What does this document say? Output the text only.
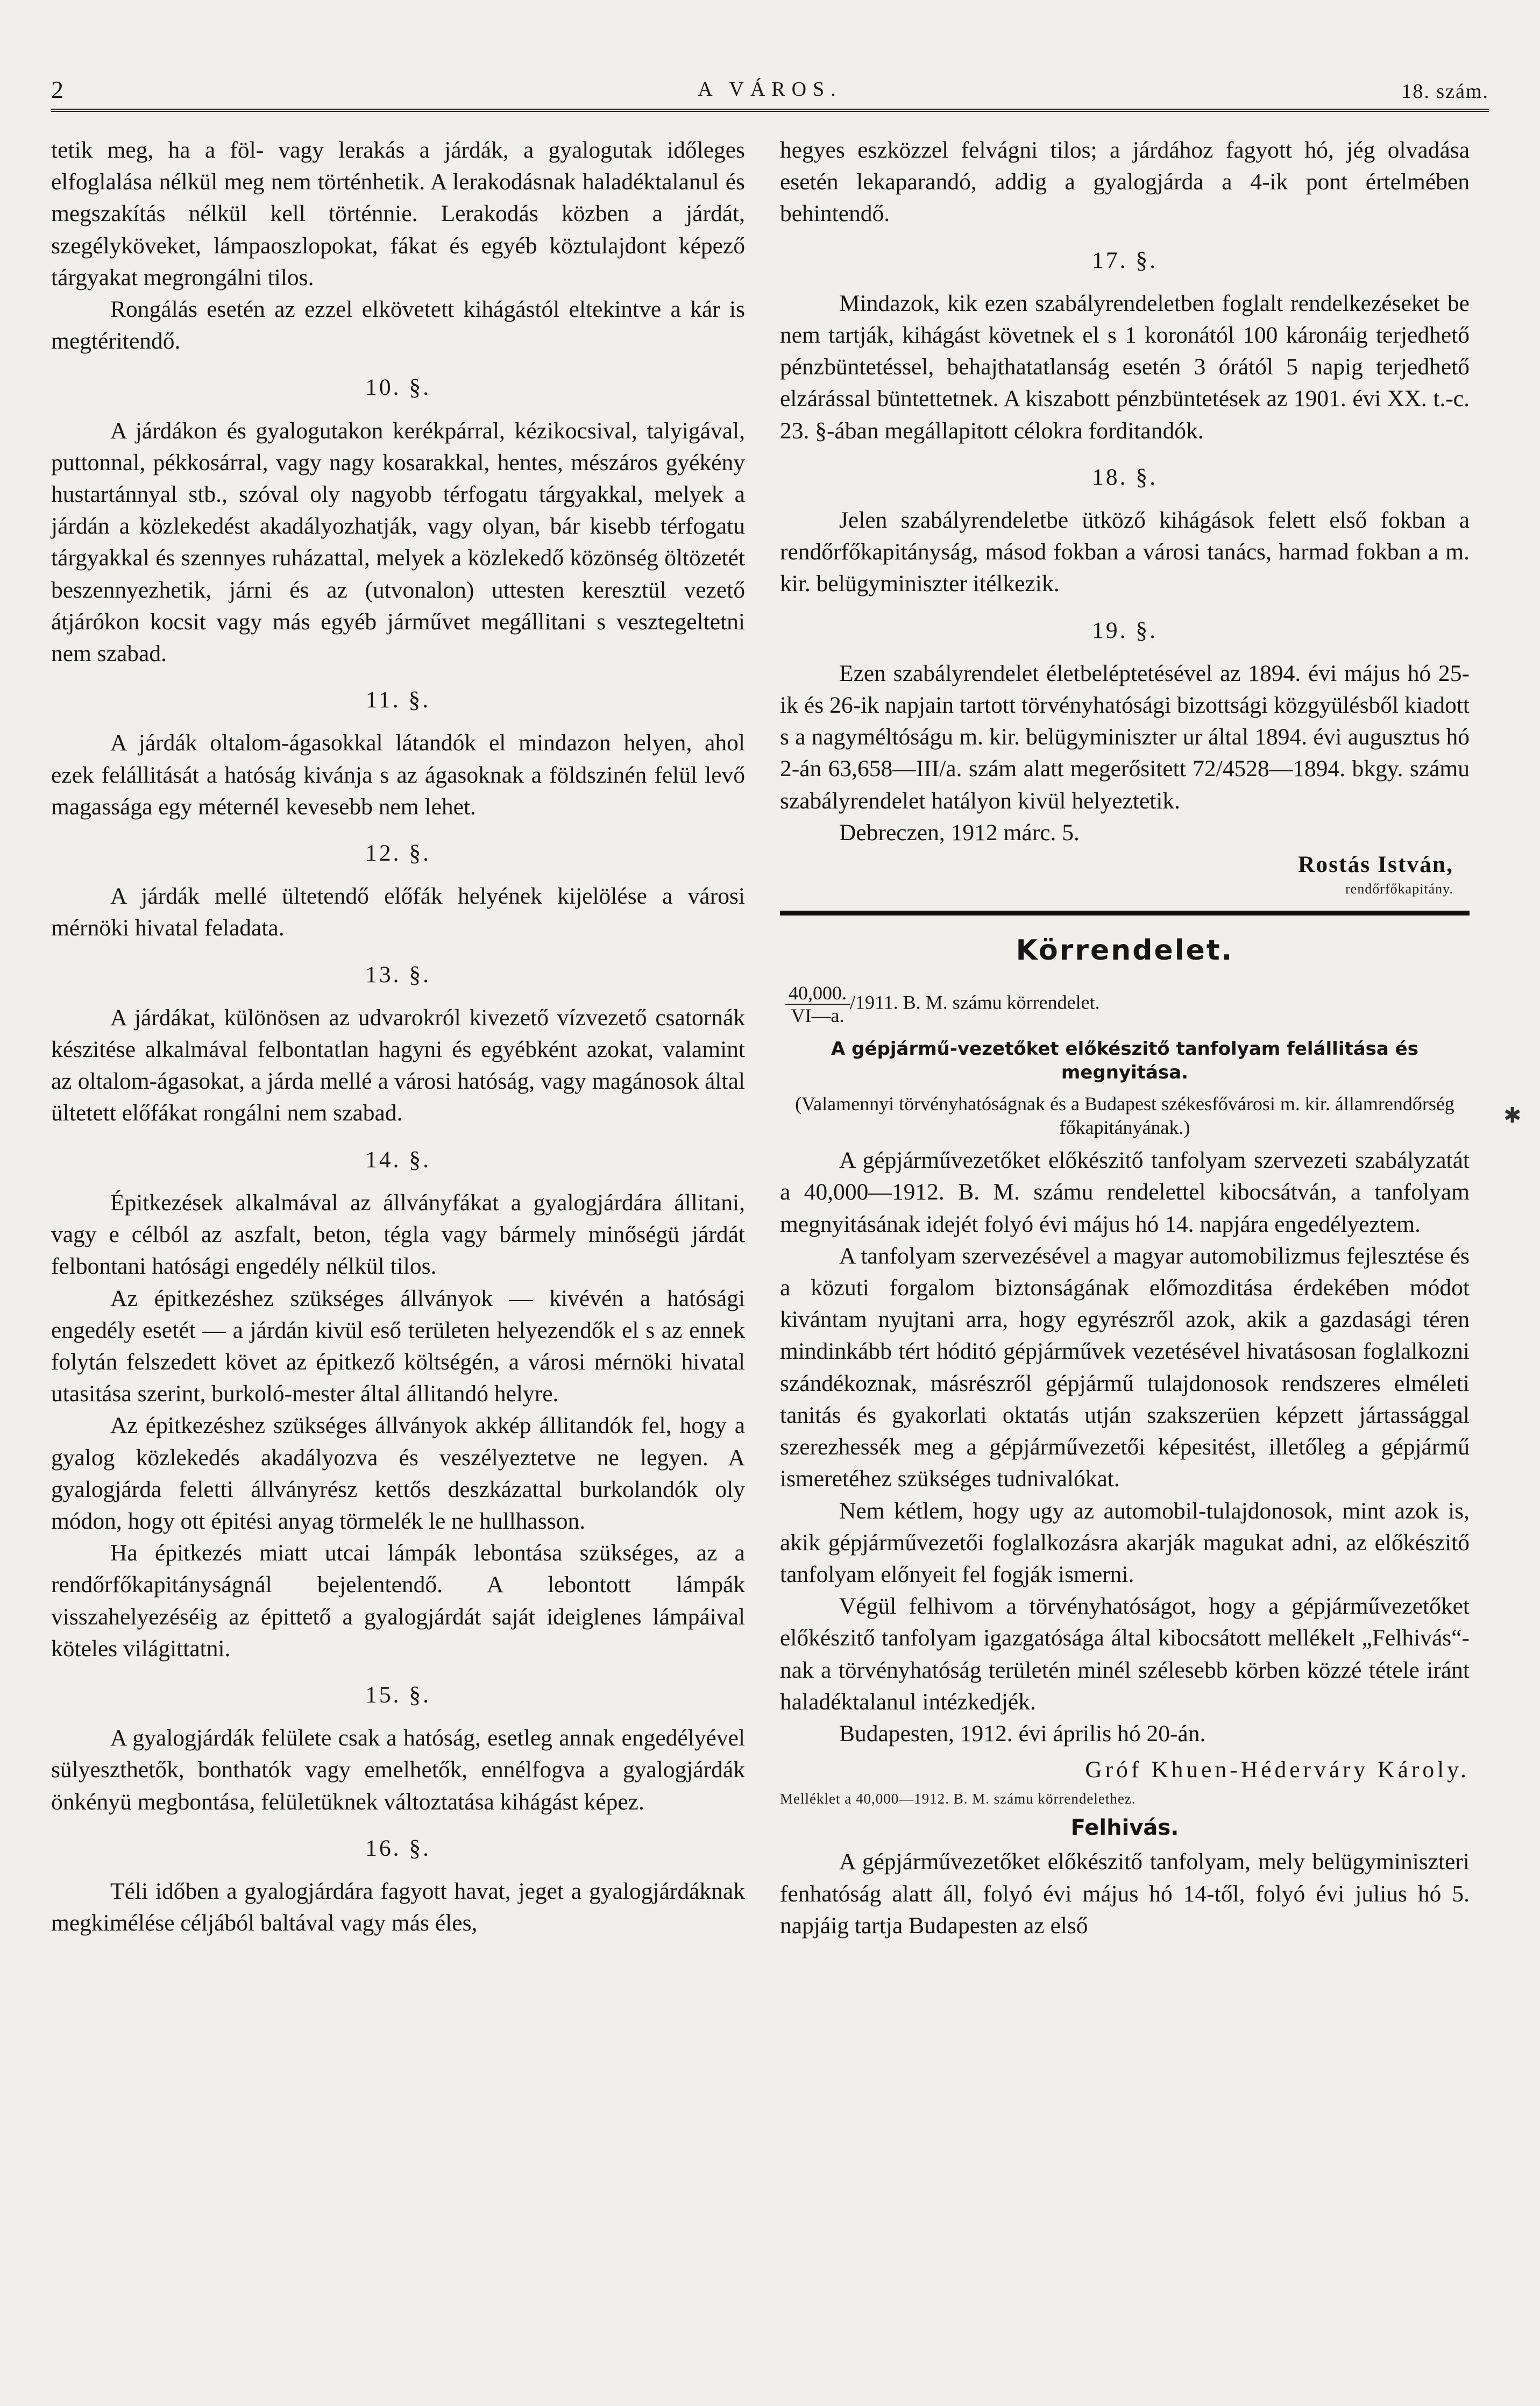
2	A VÁROS.	18. szám.

tetik meg, ha a föl- vagy lerakás a járdák, a gyalogutak időleges elfoglalása nélkül meg nem történhetik. A lerakodásnak haladéktalanul és megszakítás nélkül kell történnie. Lerakodás közben a járdát, szegélyköveket, lámpaoszlopokat, fákat és egyéb köztulajdont képező tárgyakat megrongálni tilos.

Rongálás esetén az ezzel elkövetett kihágástól eltekintve a kár is megtéritendő.

10. §.

A járdákon és gyalogutakon kerékpárral, kézikocsival, talyigával, puttonnal, pékkosárral, vagy nagy kosarakkal, hentes, mészáros gyékény hustartánnyal stb., szóval oly nagyobb térfogatu tárgyakkal, melyek a járdán a közlekedést akadályozhatják, vagy olyan, bár kisebb térfogatu tárgyakkal és szennyes ruházattal, melyek a közlekedő közönség öltözetét beszennyezhetik, járni és az (utvonalon) uttesten keresztül vezető átjárókon kocsit vagy más egyéb járművet megállitani s vesztegeltetni nem szabad.

11. §.

A járdák oltalom-ágasokkal látandók el mindazon helyen, ahol ezek felállitását a hatóság kivánja s az ágasoknak a földszinén felül levő magassága egy méternél kevesebb nem lehet.

12. §.

A járdák mellé ültetendő előfák helyének kijelölése a városi mérnöki hivatal feladata.

13. §.

A járdákat, különösen az udvarokról kivezető vízvezető csatornák készitése alkalmával felbontatlan hagyni és egyébként azokat, valamint az oltalom-ágasokat, a járda mellé a városi hatóság, vagy magánosok által ültetett előfákat rongálni nem szabad.

14. §.

Épitkezések alkalmával az állványfákat a gyalogjárdára állitani, vagy e célból az aszfalt, beton, tégla vagy bármely minőségü járdát felbontani hatósági engedély nélkül tilos.

Az épitkezéshez szükséges állványok — kivévén a hatósági engedély esetét — a járdán kivül eső területen helyezendők el s az ennek folytán felszedett követ az épitkező költségén, a városi mérnöki hivatal utasitása szerint, burkoló-mester által állitandó helyre.

Az épitkezéshez szükséges állványok akkép állitandók fel, hogy a gyalog közlekedés akadályozva és veszélyeztetve ne legyen. A gyalogjárda feletti állványrész kettős deszkázattal burkolandók oly módon, hogy ott épitési anyag törmelék le ne hullhasson.

Ha épitkezés miatt utcai lámpák lebontása szükséges, az a rendőrfőkapitányságnál bejelentendő. A lebontott lámpák visszahelyezéséig az épittető a gyalogjárdát saját ideiglenes lámpáival köteles világittatni.

15. §.

A gyalogjárdák felülete csak a hatóság, esetleg annak engedélyével sülyeszthetők, bonthatók vagy emelhetők, ennélfogva a gyalogjárdák önkényü megbontása, felületüknek változtatása kihágást képez.

16. §.

Téli időben a gyalogjárdára fagyott havat, jeget a gyalogjárdáknak megkimélése céljából baltával vagy más éles,

hegyes eszközzel felvágni tilos; a járdához fagyott hó, jég olvadása esetén lekaparandó, addig a gyalogjárda a 4-ik pont értelmében behintendő.

17. §.

Mindazok, kik ezen szabályrendeletben foglalt rendelkezéseket be nem tartják, kihágást követnek el s 1 koronától 100 káronáig terjedhető pénzbüntetéssel, behajthatatlanság esetén 3 órától 5 napig terjedhető elzárással büntettetnek. A kiszabott pénzbüntetések az 1901. évi XX. t.-c. 23. §-ában megállapitott célokra forditandók.

18. §.

Jelen szabályrendeletbe ütköző kihágások felett első fokban a rendőrfőkapitányság, másod fokban a városi tanács, harmad fokban a m. kir. belügyminiszter itélkezik.

19. §.

Ezen szabályrendelet életbeléptetésével az 1894. évi május hó 25-ik és 26-ik napjain tartott törvényhatósági bizottsági közgyülésből kiadott s a nagyméltóságu m. kir. belügyminiszter ur által 1894. évi augusztus hó 2-án 63,658—III/a. szám alatt megerősitett 72/4528—1894. bkgy. számu szabályrendelet hatályon kivül helyeztetik.

Debreczen, 1912 márc. 5.

Rostás István,
rendőrfőkapitány.
Körrendelet.
$\frac{40,000.}{VI—a.} /1911$. B. M. számu körrendelet.
A gépjármű-vezetőket előkészitő tanfolyam felállitása és megnyitása.
(Valamennyi törvényhatóságnak és a Budapest székesfővárosi m. kir. államrendőrség főkapitányának.)

A gépjárművezetőket előkészitő tanfolyam szervezeti szabályzatát a 40,000—1912. B. M. számu rendelettel kibocsátván, a tanfolyam megnyitásának idejét folyó évi május hó 14. napjára engedélyeztem.

A tanfolyam szervezésével a magyar automobilizmus fejlesztése és a közuti forgalom biztonságának előmozditása érdekében módot kivántam nyujtani arra, hogy egyrészről azok, akik a gazdasági téren mindinkább tért hóditó gépjárművek vezetésével hivatásosan foglalkozni szándékoznak, másrészről gépjármű tulajdonosok rendszeres elméleti tanitás és gyakorlati oktatás utján szakszerüen képzett jártassággal szerezhessék meg a gépjárművezetői képesitést, illetőleg a gépjármű ismeretéhez szükséges tudnivalókat.

Nem kétlem, hogy ugy az automobil-tulajdonosok, mint azok is, akik gépjárművezetői foglalkozásra akarják magukat adni, az előkészitő tanfolyam előnyeit fel fogják ismerni.

Végül felhivom a törvényhatóságot, hogy a gépjárművezetőket előkészitő tanfolyam igazgatósága által kibocsátott mellékelt „Felhivás“-nak a törvényhatóság területén minél szélesebb körben közzé tétele iránt haladéktalanul intézkedjék.

Budapesten, 1912. évi április hó 20-án.

Gróf Khuen-Héderváry Károly.
Melléklet a 40,000—1912. B. M. számu körrendelethez.
Felhivás.

A gépjárművezetőket előkészitő tanfolyam, mely belügyminiszteri fenhatóság alatt áll, folyó évi május hó 14-től, folyó évi julius hó 5. napjáig tartja Budapesten az első

✱
